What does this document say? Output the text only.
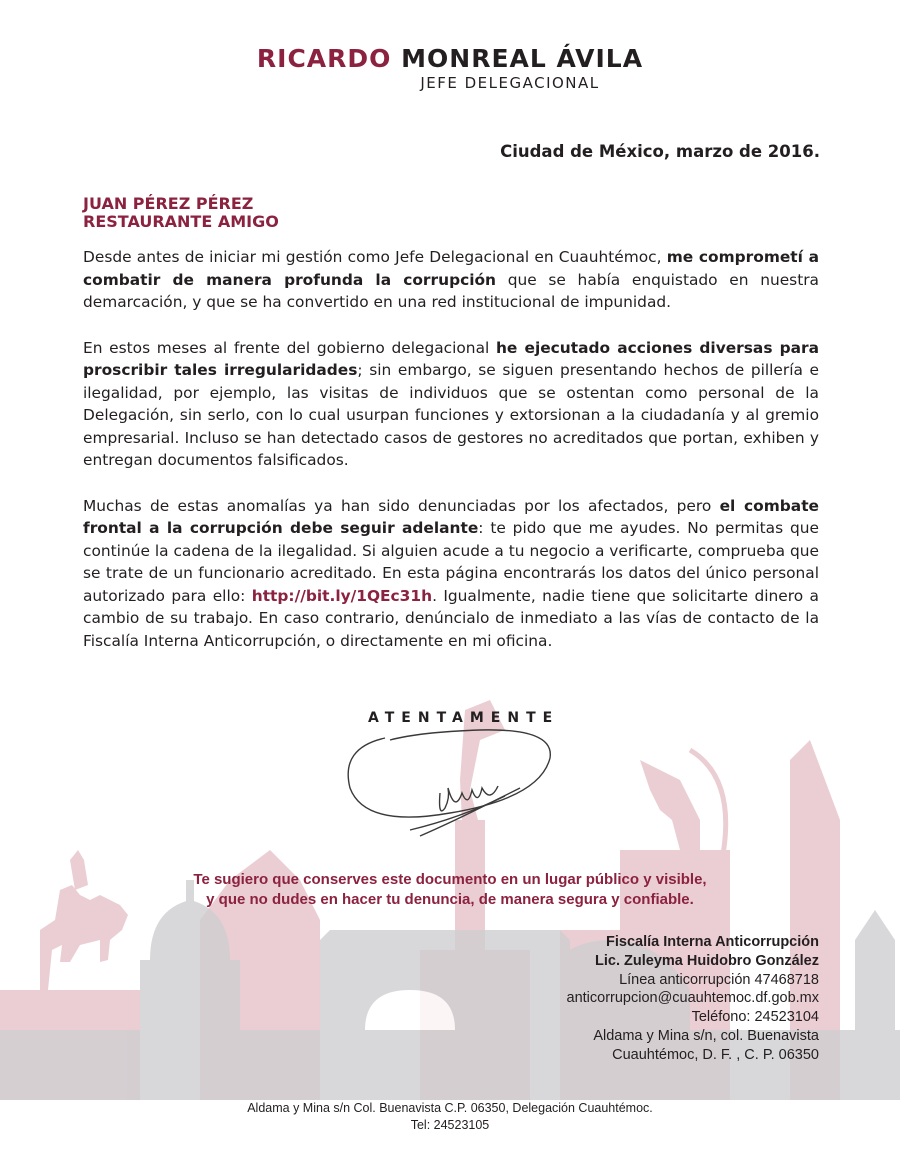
RICARDO MONREAL ÁVILA
JEFE DELEGACIONAL
Ciudad de México, marzo de 2016.
JUAN PÉREZ PÉREZ
RESTAURANTE AMIGO

Desde antes de iniciar mi gestión como Jefe Delegacional en Cuauhtémoc, me comprometí a combatir de manera profunda la corrupción que se había enquistado en nuestra demarcación, y que se ha convertido en una red institucional de impunidad.

En estos meses al frente del gobierno delegacional he ejecutado acciones diversas para proscribir tales irregularidades; sin embargo, se siguen presentando hechos de pillería e ilegalidad, por ejemplo, las visitas de individuos que se ostentan como personal de la Delegación, sin serlo, con lo cual usurpan funciones y extorsionan a la ciudadanía y al gremio empresarial. Incluso se han detectado casos de gestores no acreditados que portan, exhiben y entregan documentos falsificados.

Muchas de estas anomalías ya han sido denunciadas por los afectados, pero el combate frontal a la corrupción debe seguir adelante: te pido que me ayudes. No permitas que continúe la cadena de la ilegalidad. Si alguien acude a tu negocio a verificarte, comprueba que se trate de un funcionario acreditado. En esta página encontrarás los datos del único personal autorizado para ello: http://bit.ly/1QEc31h. Igualmente, nadie tiene que solicitarte dinero a cambio de su trabajo. En caso contrario, denúncialo de inmediato a las vías de contacto de la Fiscalía Interna Anticorrupción, o directamente en mi oficina.

ATENTAMENTE
Te sugiero que conserves este documento en un lugar público y visible,
y que no dudes en hacer tu denuncia, de manera segura y confiable.
Fiscalía Interna Anticorrupción
Lic. Zuleyma Huidobro González
Línea anticorrupción 47468718
anticorrupcion@cuauhtemoc.df.gob.mx
Teléfono: 24523104
Aldama y Mina s/n, col. Buenavista
Cuauhtémoc, D. F. , C. P. 06350
Aldama y Mina s/n Col. Buenavista C.P. 06350, Delegación Cuauhtémoc.
Tel: 24523105
